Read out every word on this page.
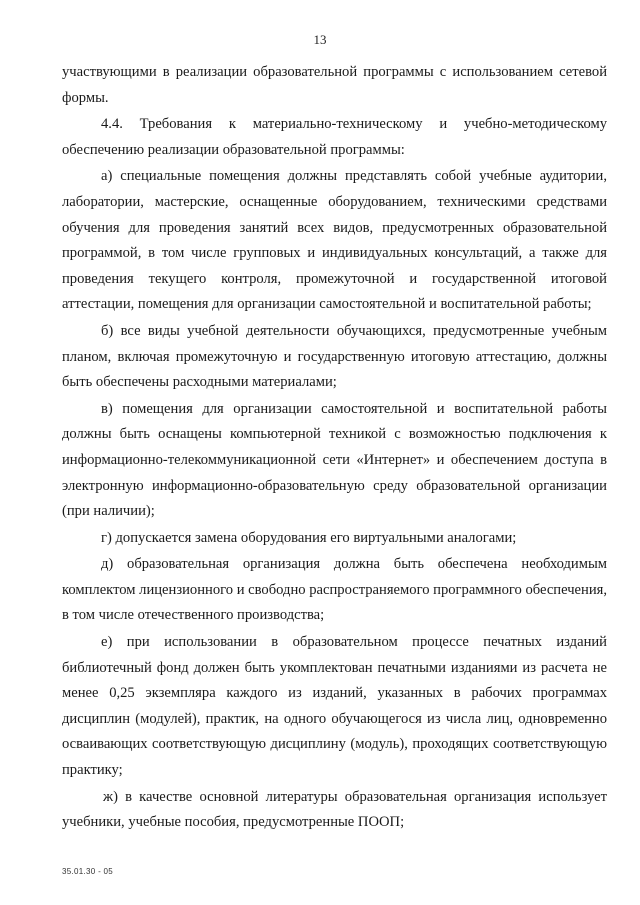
13

участвующими в реализации образовательной программы с использованием сетевой формы.

4.4. Требования к материально-техническому и учебно-методическому обеспечению реализации образовательной программы:

а) специальные помещения должны представлять собой учебные аудитории, лаборатории, мастерские, оснащенные оборудованием, техническими средствами обучения для проведения занятий всех видов, предусмотренных образовательной программой, в том числе групповых и индивидуальных консультаций, а также для проведения текущего контроля, промежуточной и государственной итоговой аттестации, помещения для организации самостоятельной и воспитательной работы;

б) все виды учебной деятельности обучающихся, предусмотренные учебным планом, включая промежуточную и государственную итоговую аттестацию, должны быть обеспечены расходными материалами;

в) помещения для организации самостоятельной и воспитательной работы должны быть оснащены компьютерной техникой с возможностью подключения к информационно-телекоммуникационной сети «Интернет» и обеспечением доступа в электронную информационно-образовательную среду образовательной организации (при наличии);

г) допускается замена оборудования его виртуальными аналогами;

д) образовательная организация должна быть обеспечена необходимым комплектом лицензионного и свободно распространяемого программного обеспечения, в том числе отечественного производства;

е) при использовании в образовательном процессе печатных изданий библиотечный фонд должен быть укомплектован печатными изданиями из расчета не менее 0,25 экземпляра каждого из изданий, указанных в рабочих программах дисциплин (модулей), практик, на одного обучающегося из числа лиц, одновременно осваивающих соответствующую дисциплину (модуль), проходящих соответствующую практику;

ж) в качестве основной литературы образовательная организация использует учебники, учебные пособия, предусмотренные ПООП;

35.01.30 - 05
